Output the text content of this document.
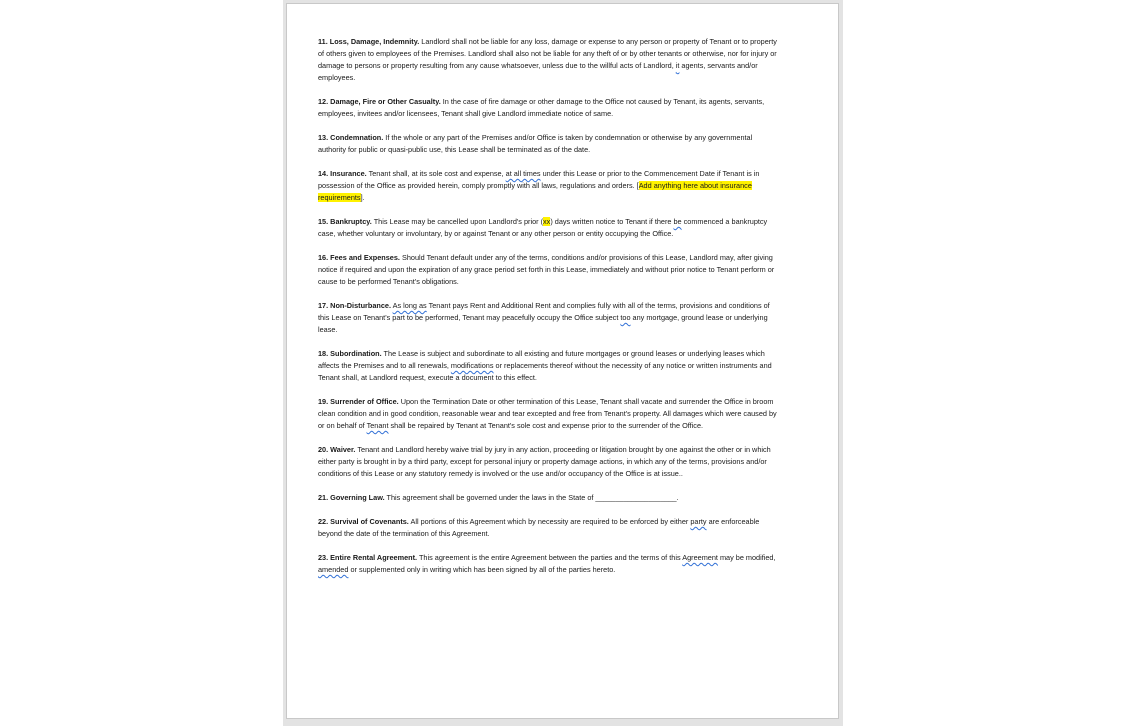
11. Loss, Damage, Indemnity. Landlord shall not be liable for any loss, damage or expense to any person or property of Tenant or to property of others given to employees of the Premises. Landlord shall also not be liable for any theft of or by other tenants or otherwise, nor for injury or damage to persons or property resulting from any cause whatsoever, unless due to the willful acts of Landlord, it agents, servants and/or employees.

12. Damage, Fire or Other Casualty. In the case of fire damage or other damage to the Office not caused by Tenant, its agents, servants, employees, invitees and/or licensees, Tenant shall give Landlord immediate notice of same.

13. Condemnation. If the whole or any part of the Premises and/or Office is taken by condemnation or otherwise by any governmental authority for public or quasi-public use, this Lease shall be terminated as of the date.

14. Insurance. Tenant shall, at its sole cost and expense, at all times under this Lease or prior to the Commencement Date if Tenant is in possession of the Office as provided herein, comply promptly with all laws, regulations and orders. [Add anything here about insurance requirements].

15. Bankruptcy. This Lease may be cancelled upon Landlord's prior (xx) days written notice to Tenant if there be commenced a bankruptcy case, whether voluntary or involuntary, by or against Tenant or any other person or entity occupying the Office.

16. Fees and Expenses. Should Tenant default under any of the terms, conditions and/or provisions of this Lease, Landlord may, after giving notice if required and upon the expiration of any grace period set forth in this Lease, immediately and without prior notice to Tenant perform or cause to be performed Tenant's obligations.

17. Non-Disturbance. As long as Tenant pays Rent and Additional Rent and complies fully with all of the terms, provisions and conditions of this Lease on Tenant's part to be performed, Tenant may peacefully occupy the Office subject too any mortgage, ground lease or underlying lease.

18. Subordination. The Lease is subject and subordinate to all existing and future mortgages or ground leases or underlying leases which affects the Premises and to all renewals, modifications or replacements thereof without the necessity of any notice or written instruments and Tenant shall, at Landlord request, execute a document to this effect.

19. Surrender of Office. Upon the Termination Date or other termination of this Lease, Tenant shall vacate and surrender the Office in broom clean condition and in good condition, reasonable wear and tear excepted and free from Tenant's property. All damages which were caused by or on behalf of Tenant shall be repaired by Tenant at Tenant's sole cost and expense prior to the surrender of the Office.

20. Waiver. Tenant and Landlord hereby waive trial by jury in any action, proceeding or litigation brought by one against the other or in which either party is brought in by a third party, except for personal injury or property damage actions, in which any of the terms, provisions and/or conditions of this Lease or any statutory remedy is involved or the use and/or occupancy of the Office is at issue..

21. Governing Law. This agreement shall be governed under the laws in the State of ____________________.

22. Survival of Covenants. All portions of this Agreement which by necessity are required to be enforced by either party are enforceable beyond the date of the termination of this Agreement.

23. Entire Rental Agreement. This agreement is the entire Agreement between the parties and the terms of this Agreement may be modified, amended or supplemented only in writing which has been signed by all of the parties hereto.
